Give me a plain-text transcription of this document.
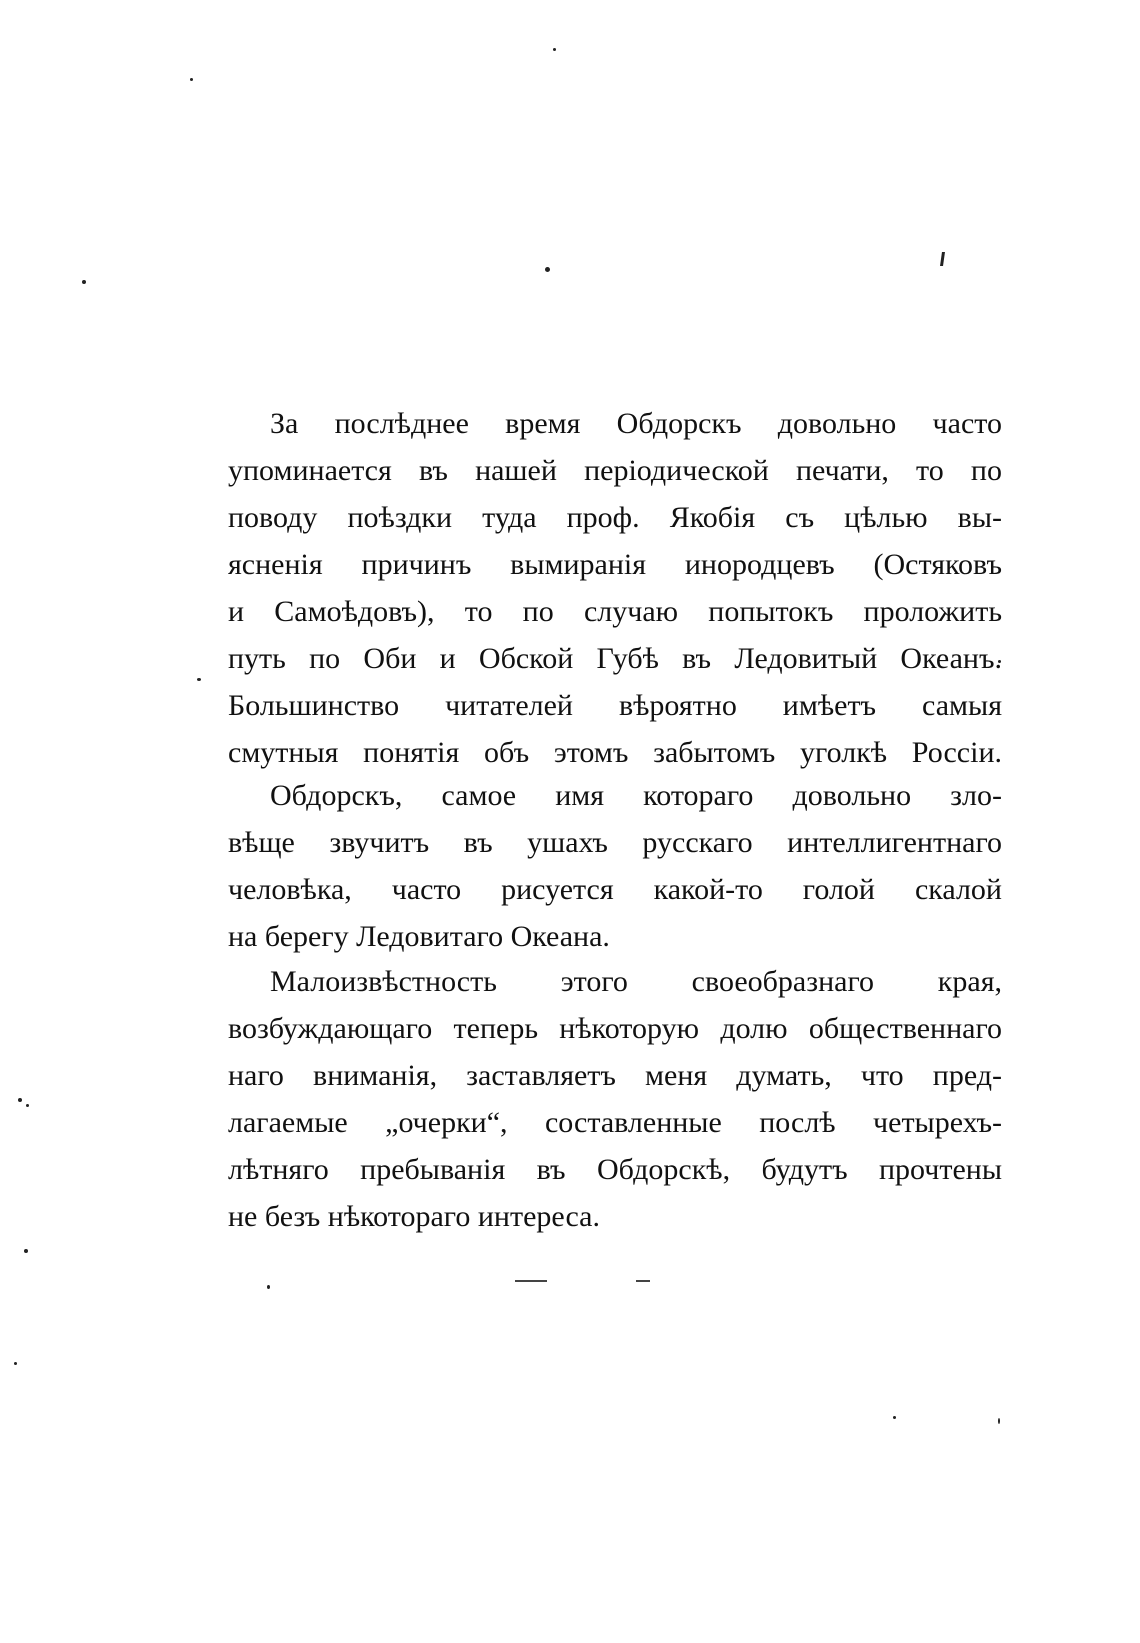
За послѣднее время Обдорскъ довольно часто
упоминается въ нашей періодической печати, то по
поводу поѣздки туда проф. Якобія съ цѣлью вы-
ясненія причинъ вымиранія инородцевъ (Остяковъ
и Самоѣдовъ), то по случаю попытокъ проложить
путь по Оби и Обской Губѣ въ Ледовитый Океанъ.
Большинство читателей вѣроятно имѣетъ самыя
смутныя понятія объ этомъ забытомъ уголкѣ Россіи.
Обдорскъ, самое имя котораго довольно зло-
вѣще звучитъ въ ушахъ русскаго интеллигентнаго
человѣка, часто рисуется какой-то голой скалой
на берегу Ледовитаго Океана.
Малоизвѣстность этого своеобразнаго края,
возбуждающаго теперь нѣкоторую долю общественнаго
наго вниманія, заставляетъ меня думать, что пред-
лагаемые „очерки“, составленные послѣ четырехъ-
лѣтняго пребыванія въ Обдорскѣ, будутъ прочтены
не безъ нѣкотораго интереса.
